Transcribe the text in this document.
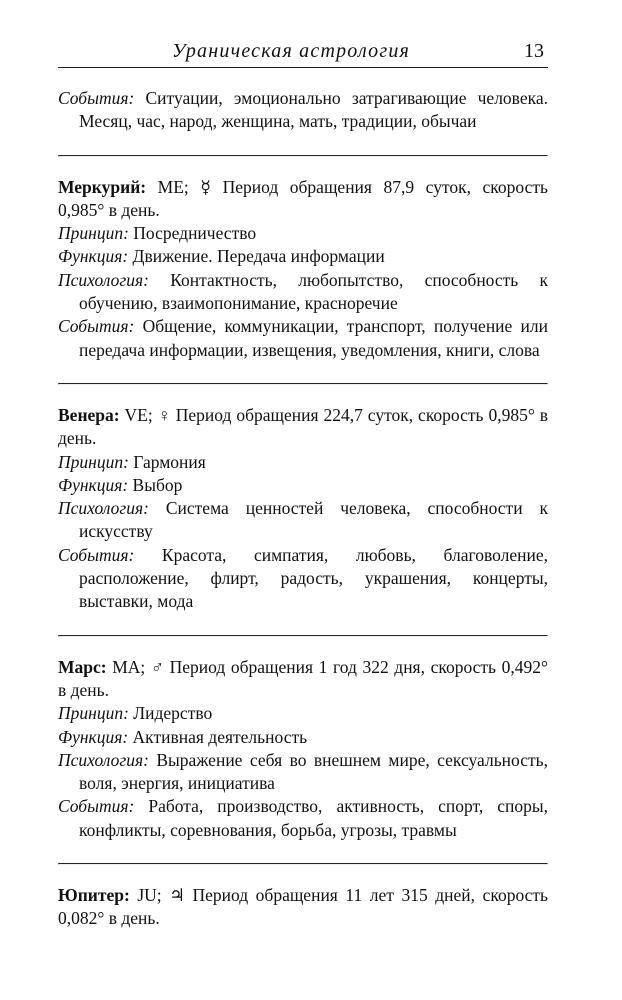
Ураническая астрология	13

События: Ситуации, эмоционально затрагивающие человека. Месяц, час, народ, женщина, мать, традиции, обычаи

Меркурий: ME; ☿ Период обращения 87,9 суток, скорость 0,985° в день.

Принцип: Посредничество

Функция: Движение. Передача информации

Психология: Контактность, любопытство, способность к обучению, взаимопонимание, красноречие

События: Общение, коммуникации, транспорт, получение или передача информации, извещения, уведомления, книги, слова

Венера: VE; ♀ Период обращения 224,7 суток, скорость 0,985° в день.

Принцип: Гармония

Функция: Выбор

Психология: Система ценностей человека, способности к искусству

События: Красота, симпатия, любовь, благоволение, расположение, флирт, радость, украшения, концерты, выставки, мода

Марс: MA; ♂ Период обращения 1 год 322 дня, скорость 0,492° в день.

Принцип: Лидерство

Функция: Активная деятельность

Психология: Выражение себя во внешнем мире, сексуальность, воля, энергия, инициатива

События: Работа, производство, активность, спорт, споры, конфликты, соревнования, борьба, угрозы, травмы

Юпитер: JU; ♃ Период обращения 11 лет 315 дней, скорость 0,082° в день.
